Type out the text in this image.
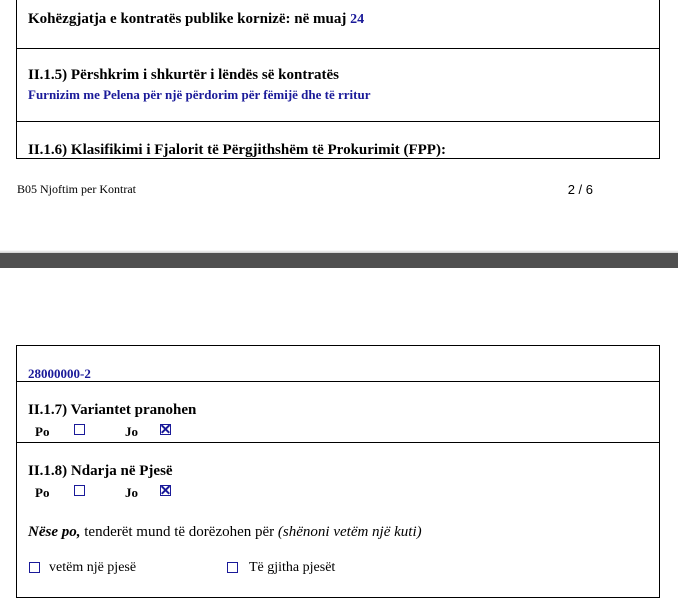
Kohëzgjatja e kontratës publike kornizë: në muaj 24
II.1.5) Përshkrim i shkurtër i lëndës së kontratës
Furnizim me Pelena për një përdorim për fëmijë dhe të rritur
II.1.6) Klasifikimi i Fjalorit të Përgjithshëm të Prokurimit (FPP):
B05 Njoftim per Kontrat	2 / 6
28000000-2
II.1.7) Variantet pranohen
Po	Jo
II.1.8) Ndarja në Pjesë
Po	Jo
Nëse po, tenderët mund të dorëzohen për (shënoni vetëm një kuti)
vetëm një pjesë	Të gjitha pjesët
